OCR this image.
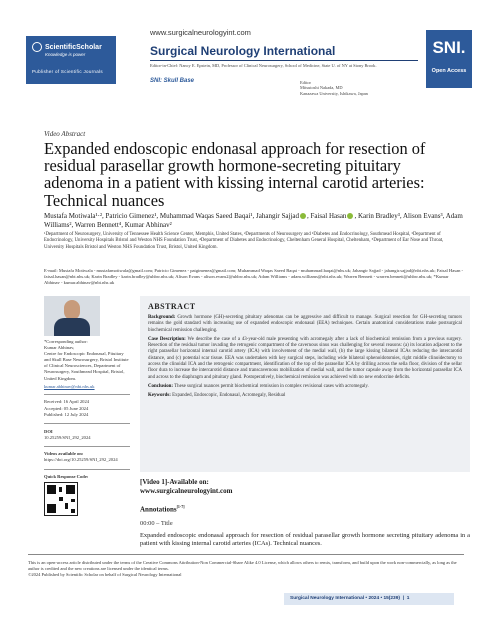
ScientificScholar
Knowledge is power
Publisher of Scientific Journals
www.surgicalneurologyint.com
Surgical Neurology International
Editor-in-Chief: Nancy E. Epstein, MD, Professor of Clinical Neurosurgery, School of Medicine, State U. of NY at Stony Brook.
SNI: Skull Base	Editor
Mitsutoshi Nakada, MD
Kanazawa University, Ishikawa, Japan
SNI.
Open Access
Video Abstract
Expanded endoscopic endonasal approach for resection of residual parasellar growth hormone-secreting pituitary adenoma in a patient with kissing internal carotid arteries: Technical nuances
Mustafa Motiwala¹·², Patricio Gimenez¹, Muhammad Waqas Saeed Baqai¹, Jahangir Sajjad , Faisal Hasan , Karin Bradley³, Alison Evans³, Adam Williams², Warren Bennett⁴, Kumar Abhinav²
¹Department of Neurosurgery, University of Tennessee Health Science Center, Memphis, United States, ²Departments of Neurosurgery and ³Diabetes and Endocrinology, Southmead Hospital, ³Department of Endocrinology, University Hospitals Bristol and Weston NHS Foundation Trust, ⁴Department of Diabetes and Endocrinology, Cheltenham General Hospital, Cheltenham, ⁵Department of Ear Nose and Throat, University Hospitals Bristol and Weston NHS Foundation Trust, Bristol, United Kingdom.
E-mail: Mustafa Motiwala - mustafamotiwala@gmail.com; Patricio Gimenez - patgimenez@gmail.com; Muhammad Waqas Saeed Baqai - muhammad.baqai@nhs.uk; Jahangir Sajjad - jahangir.sajjad@nbt.nhs.uk; Faisal Hasan - faisal.hasan@nbt.nhs.uk; Karin Bradley - karin.bradley@uhbw.nhs.uk; Alison Evans - alison.evans2@uhbw.nhs.uk; Adam Williams - adam.williams@nbt.nhs.uk; Warren Bennett - warren.bennett@uhbw.nhs.uk; *Kumar Abhinav - kumar.abhinav@nbt.nhs.uk
*Corresponding author:
Kumar Abhinav,
Centre for Endoscopic Endonasal, Pituitary and Skull Base Neurosurgery, Bristol Institute of Clinical Neurosciences, Department of Neurosurgery, Southmead Hospital, Bristol, United Kingdom.
kumar.abhinav@nbt.nhs.uk
Received: 16 April 2024
Accepted: 05 June 2024
Published: 12 July 2024
DOI
10.25259/SNI_292_2024
Videos available on:
https://doi.org/10.25259/SNI_292_2024
Quick Response Code:
ABSTRACT

Background: Growth hormone (GH)-secreting pituitary adenomas can be aggressive and difficult to manage. Surgical resection for GH-secreting tumors remains the gold standard with increasing use of expanded endoscopic endonasal (EEA) techniques. Certain anatomical considerations make postsurgical biochemical remission challenging.

Case Description: We describe the case of a 43-year-old male presenting with acromegaly after a lack of biochemical remission from a previous surgery. Resection of the residual tumor invading the retrogenic compartment of the cavernous sinus was challenging for several reasons: (a) its location adjacent to the right parasellar horizontal internal carotid artery (ICA) with involvement of the medial wall, (b) the large kissing bilateral ICAs reducing the intercarotid distance, and (c) potential scar tissue. EEA was undertaken with key surgical steps, including wide bilateral sphenoidotomies, right middle clinoidectomy to access the clinoidal ICA and the retrogenic compartment, identification of the top of the parasellar ICA by drilling across the sella floor, division of the sellar floor dura to increase the intercarotid distance and transcavernous mobilization of medial wall, and the tumor capsule away from the horizontal parasellar ICA and across to the diaphragm and pituitary gland. Postoperatively, biochemical remission was achieved with no new endocrine deficits.

Conclusion: These surgical nuances permit biochemical remission in complex revisional cases with acromegaly.

Keywords: Expanded, Endoscopic, Endonasal, Acromegaly, Residual

[Video 1]-Available on:
www.surgicalneurologyint.com
Annotations[1-7]
00:00 – Title
Expanded endoscopic endonasal approach for resection of residual parasellar growth hormone secreting pituitary adenoma in a patient with kissing internal carotid arteries (ICAs). Technical nuances.
This is an open-access article distributed under the terms of the Creative Commons Attribution-Non Commercial-Share Alike 4.0 License, which allows others to remix, transform, and build upon the work non-commercially, as long as the author is credited and the new creations are licensed under the identical terms.
©2024 Published by Scientific Scholar on behalf of Surgical Neurology International
Surgical Neurology International • 2024 • 15(239)  |  1
